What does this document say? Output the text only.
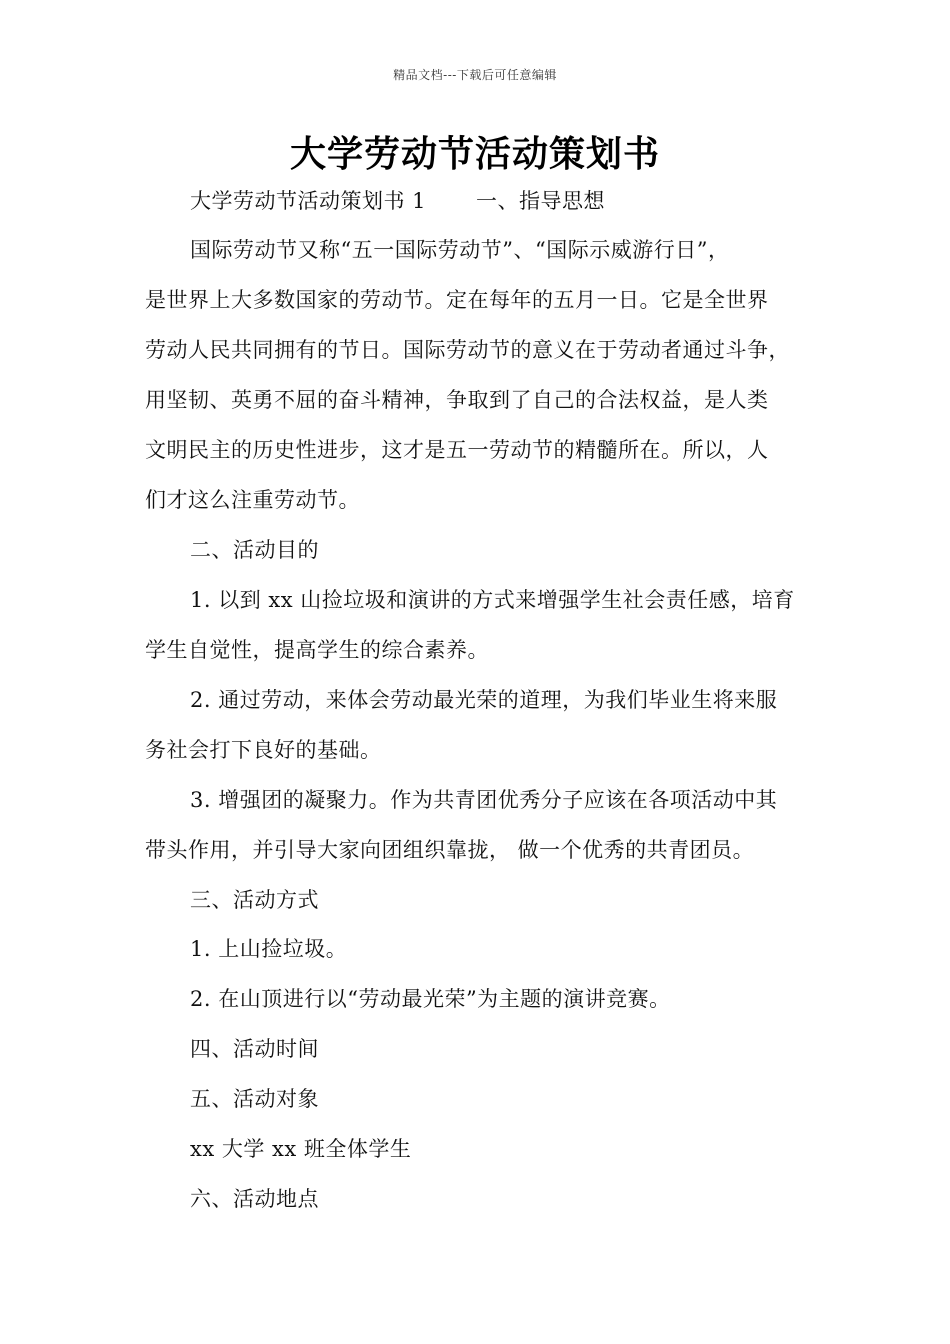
精品文档---下载后可任意编辑
大学劳动节活动策划书
大学劳动节活动策划书 1 一、指导思想
国际劳动节又称“五一国际劳动节”、“国际示威游行日”，
是世界上大多数国家的劳动节。定在每年的五月一日。它是全世界
劳动人民共同拥有的节日。国际劳动节的意义在于劳动者通过斗争，
用坚韧、英勇不屈的奋斗精神，争取到了自己的合法权益，是人类
文明民主的历史性进步，这才是五一劳动节的精髓所在。所以，人
们才这么注重劳动节。
二、活动目的
1. 以到 xx 山捡垃圾和演讲的方式来增强学生社会责任感，培育
学生自觉性，提高学生的综合素养。
2. 通过劳动，来体会劳动最光荣的道理，为我们毕业生将来服
务社会打下良好的基础。
3. 增强团的凝聚力。作为共青团优秀分子应该在各项活动中其
带头作用，并引导大家向团组织靠拢， 做一个优秀的共青团员。
三、活动方式
1. 上山捡垃圾。
2. 在山顶进行以“劳动最光荣”为主题的演讲竞赛。
四、活动时间
五、活动对象
xx 大学 xx 班全体学生
六、活动地点
